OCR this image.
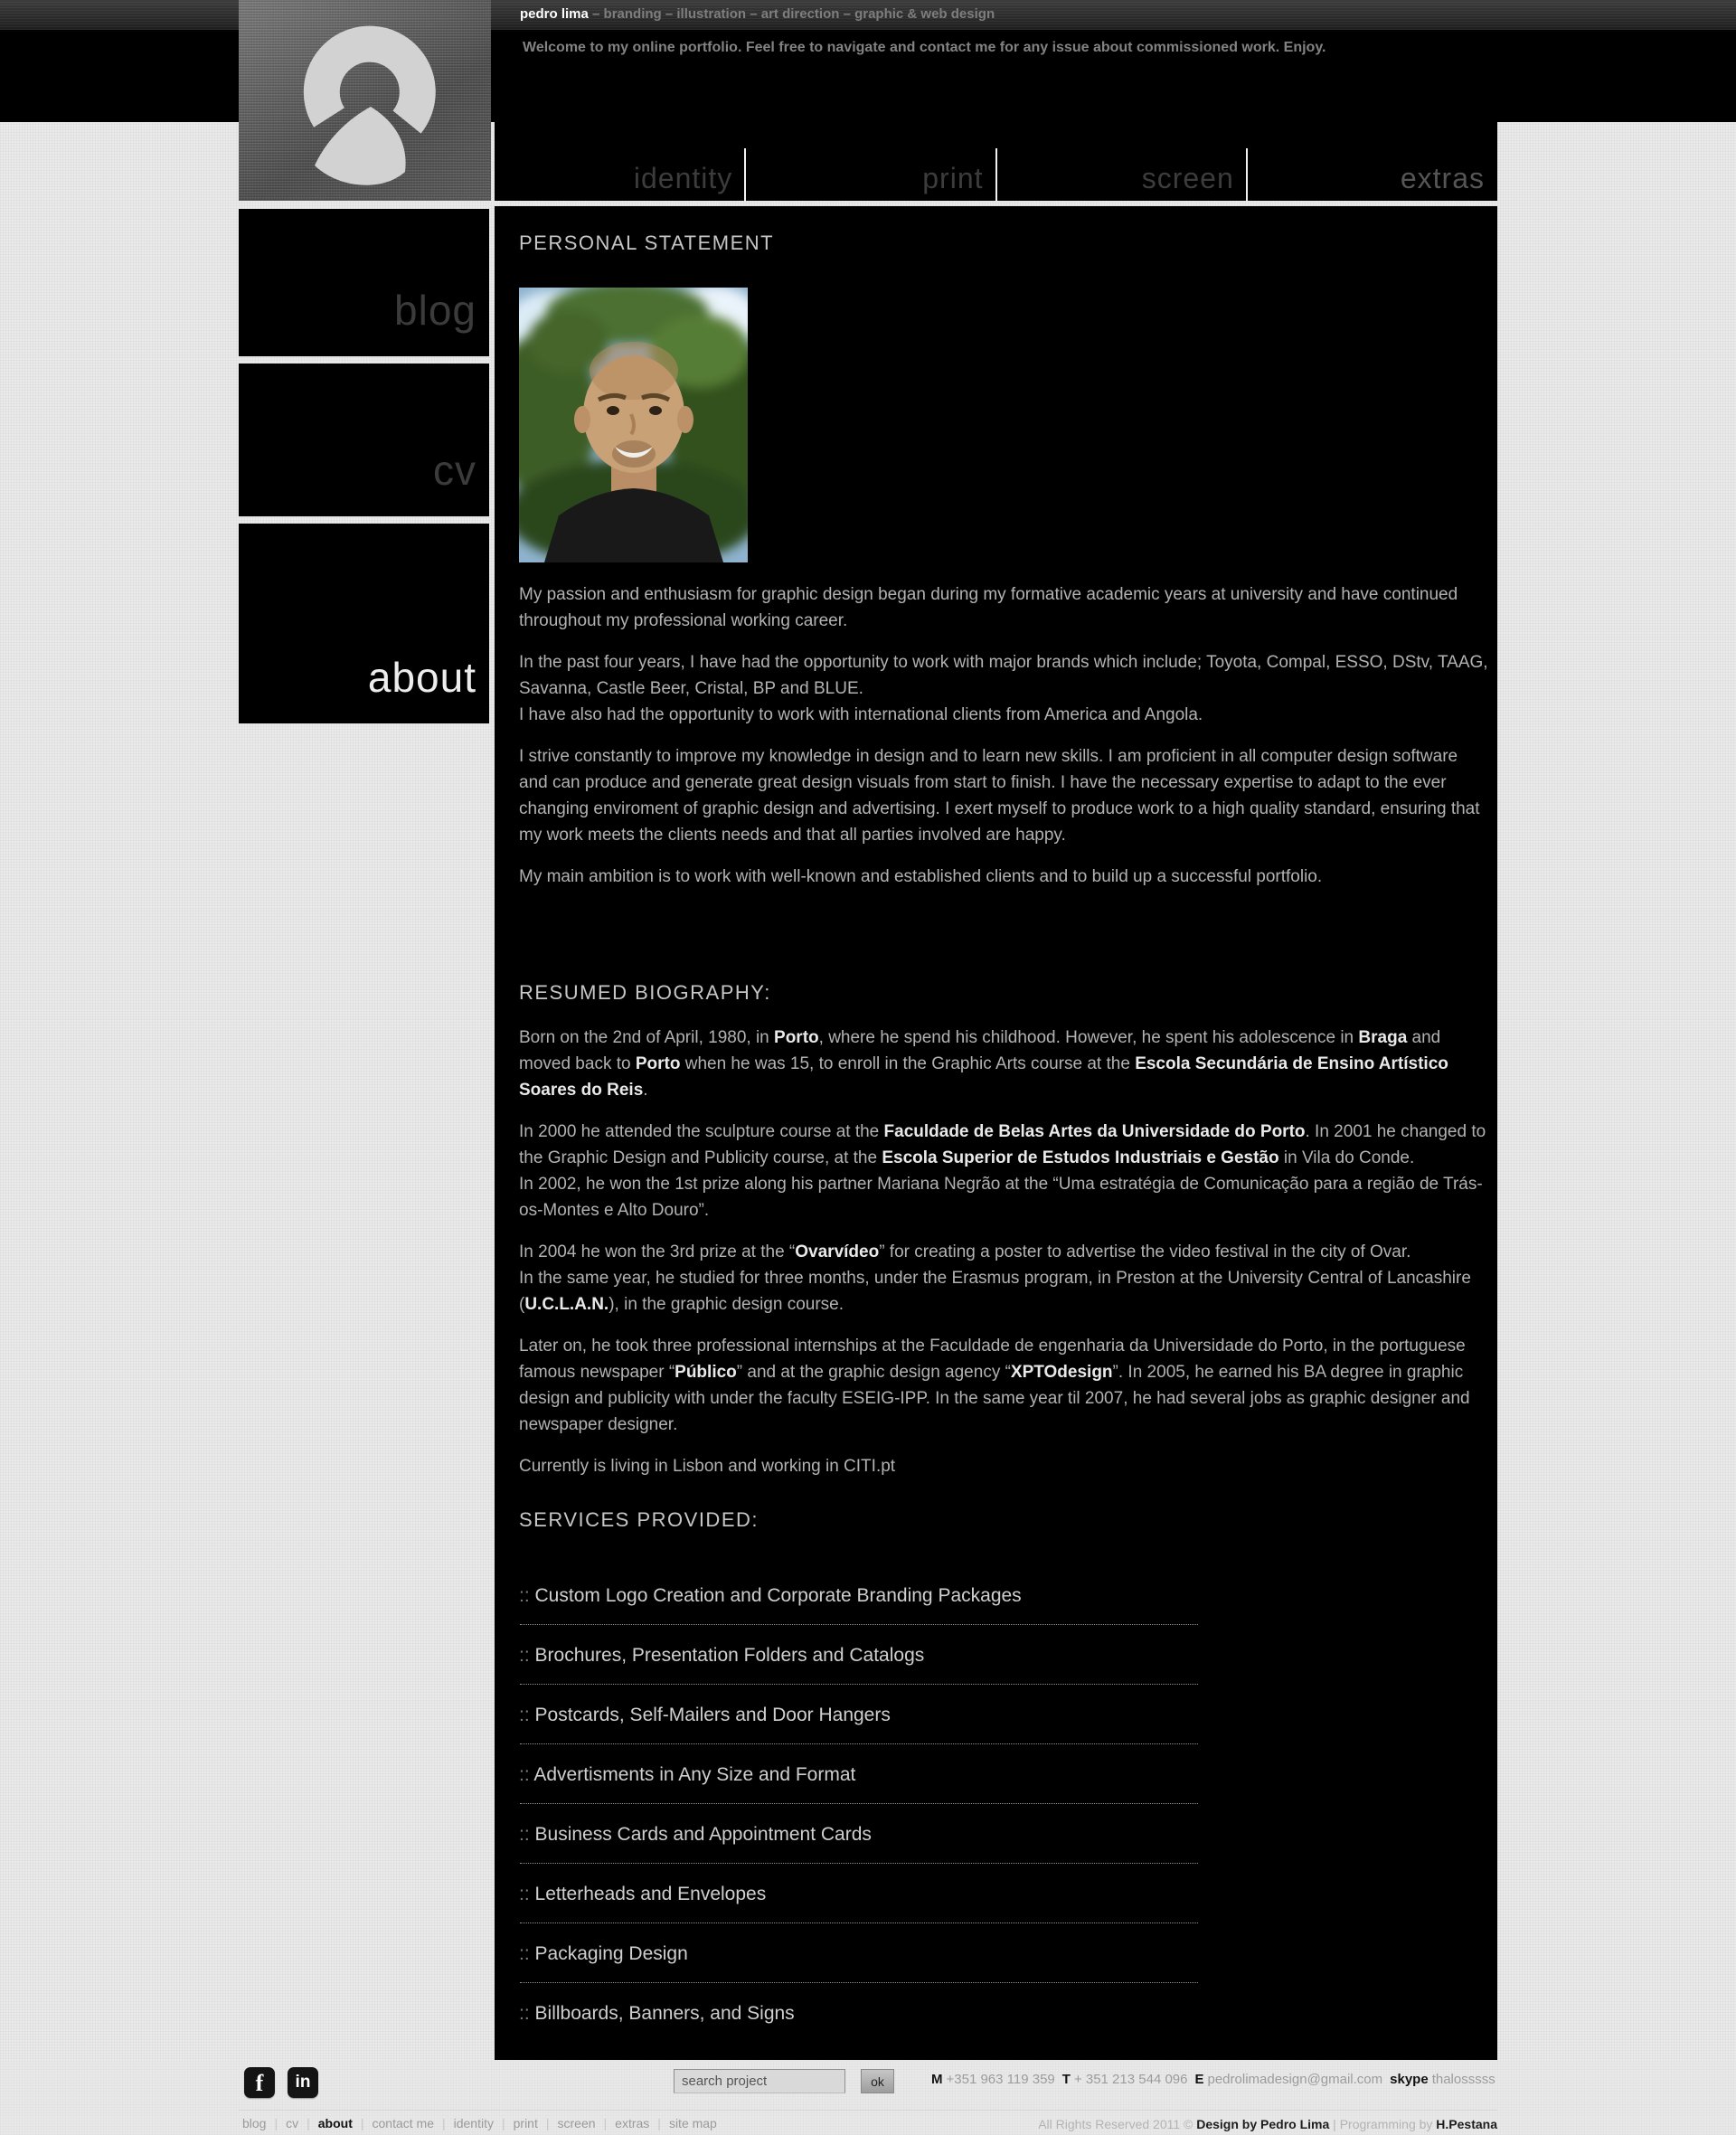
pedro lima – branding – illustration – art direction – graphic & web design
Welcome to my online portfolio. Feel free to navigate and contact me for any issue about commissioned work. Enjoy.
identity	print	screen	extras
blog
cv
about
PERSONAL STATEMENT

My passion and enthusiasm for graphic design began during my formative academic years at university and have continued throughout my professional working career.

In the past four years, I have had the opportunity to work with major brands which include; Toyota, Compal, ESSO, DStv, TAAG, Savanna, Castle Beer, Cristal, BP and BLUE.
I have also had the opportunity to work with international clients from America and Angola.

I strive constantly to improve my knowledge in design and to learn new skills. I am proficient in all computer design software and can produce and generate great design visuals from start to finish. I have the necessary expertise to adapt to the ever changing enviroment of graphic design and advertising. I exert myself to produce work to a high quality standard, ensuring that my work meets the clients needs and that all parties involved are happy.

My main ambition is to work with well-known and established clients and to build up a successful portfolio.

RESUMED BIOGRAPHY:

Born on the 2nd of April, 1980, in Porto, where he spend his childhood. However, he spent his adolescence in Braga and moved back to Porto when he was 15, to enroll in the Graphic Arts course at the Escola Secundária de Ensino Artístico Soares do Reis.

In 2000 he attended the sculpture course at the Faculdade de Belas Artes da Universidade do Porto. In 2001 he changed to the Graphic Design and Publicity course, at the Escola Superior de Estudos Industriais e Gestão in Vila do Conde.
In 2002, he won the 1st prize along his partner Mariana Negrão at the “Uma estratégia de Comunicação para a região de Trás-os-Montes e Alto Douro”.

In 2004 he won the 3rd prize at the “Ovarvídeo” for creating a poster to advertise the video festival in the city of Ovar.
In the same year, he studied for three months, under the Erasmus program, in Preston at the University Central of Lancashire (U.C.L.A.N.), in the graphic design course.

Later on, he took three professional internships at the Faculdade de engenharia da Universidade do Porto, in the portuguese famous newspaper “Público” and at the graphic design agency “XPTOdesign”. In 2005, he earned his BA degree in graphic design and publicity with under the faculty ESEIG-IPP. In the same year til 2007, he had several jobs as graphic designer and newspaper designer.

Currently is living in Lisbon and working in CITI.pt

SERVICES PROVIDED:
:: Custom Logo Creation and Corporate Branding Packages
:: Brochures, Presentation Folders and Catalogs
:: Postcards, Self-Mailers and Door Hangers
:: Advertisments in Any Size and Format
:: Business Cards and Appointment Cards
:: Letterheads and Envelopes
:: Packaging Design
:: Billboards, Banners, and Signs
f	in
search project	ok	M +351 963 119 359 T + 351 213 544 096 E pedrolimadesign@gmail.com skype thalosssss
blog | cv | about | contact me | identity | print | screen | extras | site map	All Rights Reserved 2011 © Design by Pedro Lima | Programming by H.Pestana
